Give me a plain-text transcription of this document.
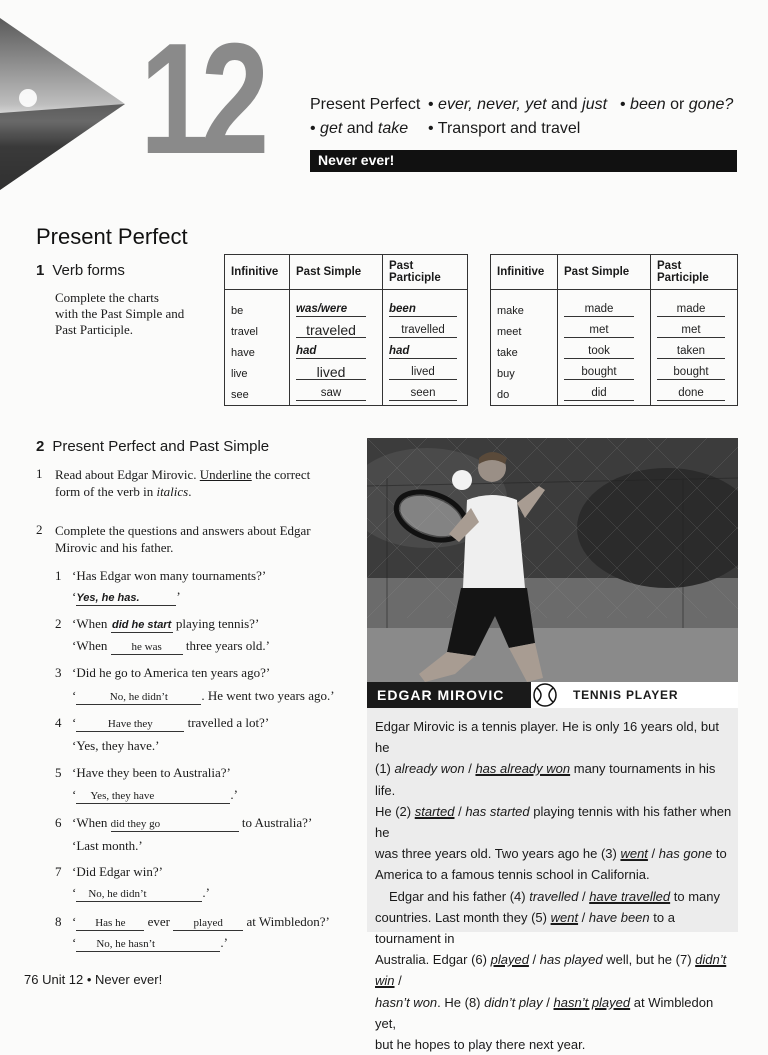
12	Present Perfect • ever, never, yet and just • been or gone?
• get and take • Transport and travel
Never ever!
Present Perfect
1 Verb forms
Complete the charts
with the Past Simple and
Past Participle.
Infinitive	Past Simple	Past Participle
be	was/were	been
travel	traveled	travelled
have	had	had
live	lived	lived
see	saw	seen
Infinitive	Past Simple	Past Participle
make	made	made
meet	met	met
take	took	taken
buy	bought	bought
do	did	done
2 Present Perfect and Past Simple
1 Read about Edgar Mirovic. Underline the correct
form of the verb in italics.
2 Complete the questions and answers about Edgar
Mirovic and his father.
1 ‘Has Edgar won many tournaments?’
‘Yes, he has.	’
2 ‘When did he start playing tennis?’
‘When he was three years old.’
3 ‘Did he go to America ten years ago?’
‘	No, he didn’t	. He went two years ago.’
4 ‘	Have they travelled a lot?’
‘Yes, they have.’
5 ‘Have they been to Australia?’
‘ Yes, they have	.’
6 ‘When did they go	to Australia?’
‘Last month.’
7 ‘Did Edgar win?’
‘ No, he didn’t	.’
8 ‘ Has he ever played at Wimbledon?’
‘ No, he hasn’t	.’
EDGAR MIROVIC	TENNIS PLAYER
Edgar Mirovic is a tennis player. He is only 16 years old, but he
(1) already won / has already won many tournaments in his life.
He (2) started / has started playing tennis with his father when he
was three years old. Two years ago he (3) went / has gone to
America to a famous tennis school in California.
Edgar and his father (4) travelled / have travelled to many
countries. Last month they (5) went / have been to a tournament in
Australia. Edgar (6) played / has played well, but he (7) didn’t win /
hasn’t won. He (8) didn’t play / hasn’t played at Wimbledon yet,
but he hopes to play there next year.
76 Unit 12 • Never ever!
